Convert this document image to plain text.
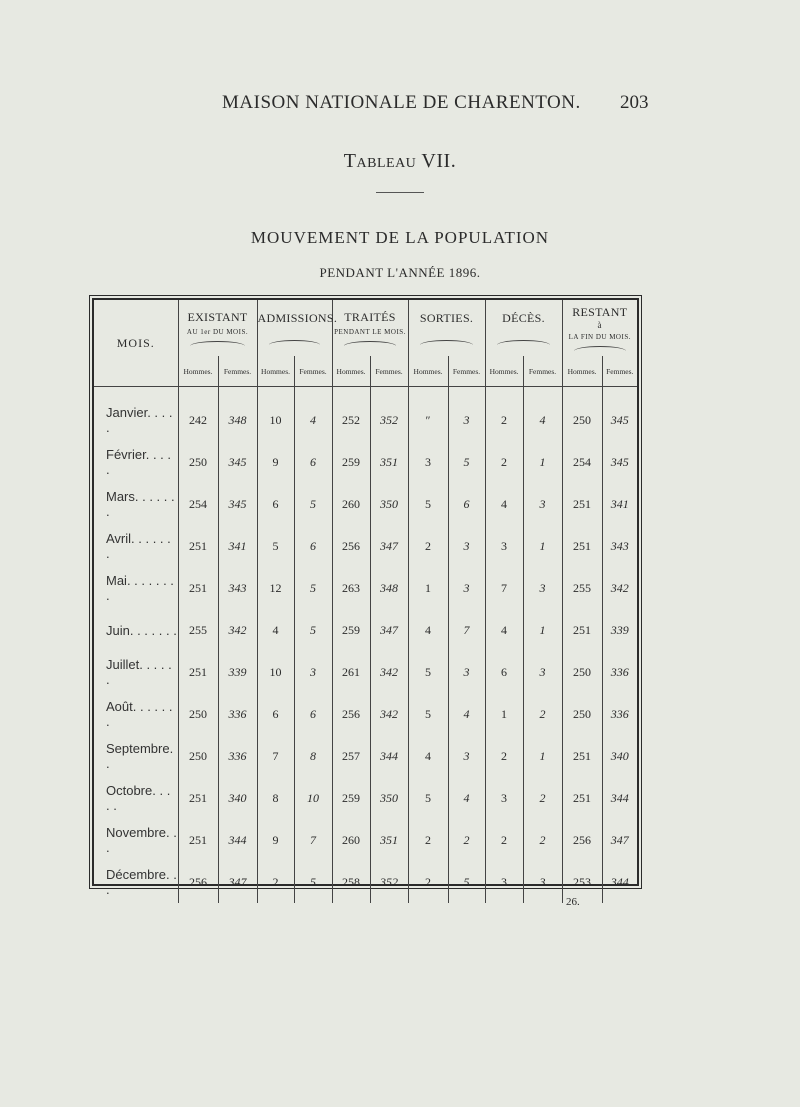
MAISON NATIONALE DE CHARENTON. 203
Tableau VII.
MOUVEMENT DE LA POPULATION
PENDANT L'ANNÉE 1896.
MOIS.	EXISTANT
AU 1er DU MOIS.		ADMISSIONS.		TRAITÉS
PENDANT LE MOIS.		SORTIES.		DÉCÈS.		RESTANT
à
LA FIN DU MOIS.	

	Hommes.	Femmes.	Hommes.	Femmes.	Hommes.	Femmes.	Hommes.	Femmes.	Hommes.	Femmes.	Hommes.	Femmes.

Janvier. . . . .	242	348	10	4	252	352	″	3	2	4	250	345
Février. . . . .	250	345	9	6	259	351	3	5	2	1	254	345
Mars. . . . . . .	254	345	6	5	260	350	5	6	4	3	251	341
Avril. . . . . . .	251	341	5	6	256	347	2	3	3	1	251	343
Mai. . . . . . . .	251	343	12	5	263	348	1	3	7	3	255	342
Juin. . . . . . .	255	342	4	5	259	347	4	7	4	1	251	339
Juillet. . . . . .	251	339	10	3	261	342	5	3	6	3	250	336
Août. . . . . . .	250	336	6	6	256	342	5	4	1	2	250	336
Septembre. .	250	336	7	8	257	344	4	3	2	1	251	340
Octobre. . . . .	251	340	8	10	259	350	5	4	3	2	251	344
Novembre. . .	251	344	9	7	260	351	2	2	2	2	256	347
Décembre. . .	256	347	2	5	258	352	2	5	3	3	253	344
26.
